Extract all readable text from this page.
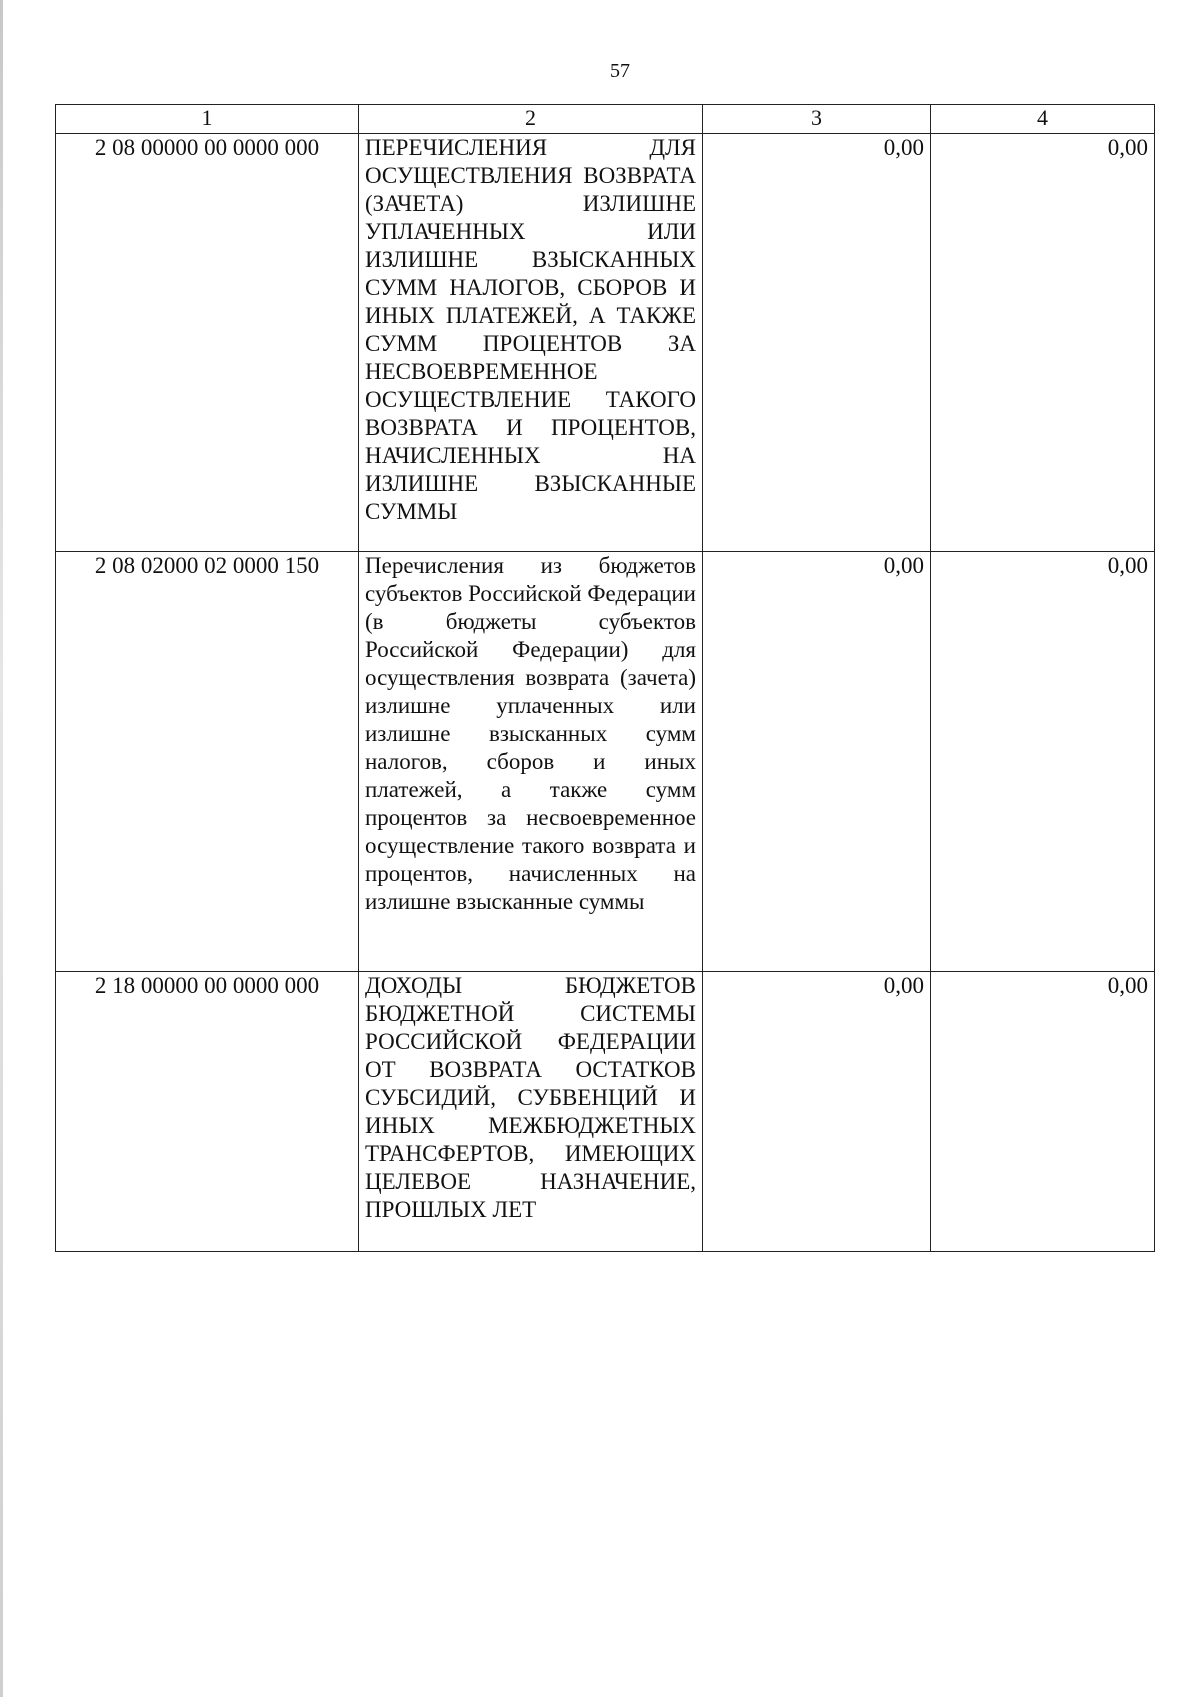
57
1	2	3	4
2 08 00000 00 0000 000	ПЕРЕЧИСЛЕНИЯ ДЛЯ ОСУЩЕСТВЛЕНИЯ ВОЗВРАТА (ЗАЧЕТА) ИЗЛИШНЕ УПЛАЧЕННЫХ ИЛИ ИЗЛИШНЕ ВЗЫСКАННЫХ СУММ НАЛОГОВ, СБОРОВ И ИНЫХ ПЛАТЕЖЕЙ, А ТАКЖЕ СУММ ПРОЦЕНТОВ ЗА НЕСВОЕВРЕМЕННОЕ ОСУЩЕСТВЛЕНИЕ ТАКОГО ВОЗВРАТА И ПРОЦЕНТОВ, НАЧИСЛЕННЫХ НА ИЗЛИШНЕ ВЗЫСКАННЫЕ СУММЫ	0,00	0,00
2 08 02000 02 0000 150	Перечисления из бюджетов субъектов Российской Федерации (в бюджеты субъектов Российской Федерации) для осуществления возврата (зачета) излишне уплаченных или излишне взысканных сумм налогов, сборов и иных платежей, а также сумм процентов за несвоевременное осуществление такого возврата и процентов, начисленных на излишне взысканные суммы	0,00	0,00
2 18 00000 00 0000 000	ДОХОДЫ БЮДЖЕТОВ БЮДЖЕТНОЙ СИСТЕМЫ РОССИЙСКОЙ ФЕДЕРАЦИИ ОТ ВОЗВРАТА ОСТАТКОВ СУБСИДИЙ, СУБВЕНЦИЙ И ИНЫХ МЕЖБЮДЖЕТНЫХ ТРАНСФЕРТОВ, ИМЕЮЩИХ ЦЕЛЕВОЕ НАЗНАЧЕНИЕ, ПРОШЛЫХ ЛЕТ	0,00	0,00
